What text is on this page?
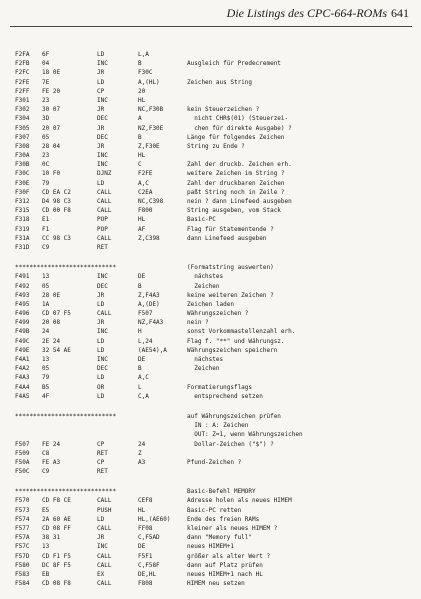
Die Listings des CPC-664-ROMs 641
F2FA 6F	LD	L,A
F2FB 04	INC	B	Ausgleich für Predecrement
F2FC 18 0E	JR	F30C
F2FE 7E	LD	A,(HL)	Zeichen aus String
F2FF FE 20	CP	20
F301 23	INC	HL
F302 30 07	JR	NC,F30B	kein Steuerzeichen ?
F304 3D	DEC	A	nicht CHR$(01) (Steuerzei-
F305 20 07	JR	NZ,F30E	chen für direkte Ausgabe) ?
F307 05	DEC	B	Länge für folgendes Zeichen
F308 28 04	JR	Z,F30E	String zu Ende ?
F30A 23	INC	HL
F30B 0C	INC	C	Zahl der druckb. Zeichen erh.
F30C 10 F0	DJNZ	F2FE	weitere Zeichen im String ?
F30E 79	LD	A,C	Zahl der druckbaren Zeichen
F30F CD EA C2	CALL	C2EA	paßt String noch in Zeile ?
F312 D4 98 C3	CALL	NC,C398	nein ? dann Linefeed ausgeben
F315 CD 00 F8	CALL	F800	String ausgeben, vom Stack
F318 E1	POP	HL	Basic-PC
F319 F1	POP	AF	Flag für Statementende ?
F31A CC 98 C3	CALL	Z,C398	dann Linefeed ausgeben
F31D C9	RET
****************************	(Formatstring auswerten)
F491 13	INC	DE	nächstes
F492 05	DEC	B	Zeichen
F493 28 0E	JR	Z,F4A3	keine weiteren Zeichen ?
F495 1A	LD	A,(DE)	Zeichen laden
F496 CD 07 F5	CALL	F507	Währungszeichen ?
F499 20 08	JR	NZ,F4A3	nein ?
F49B 24	INC	H	sonst Vorkommastellenzahl erh.
F49C 2E 24	LD	L,24	Flag f. "**" und Währungsz.
F49E 32 54 AE	LD	(AE54),A	Währungszeichen speichern
F4A1 13	INC	DE	nächstes
F4A2 05	DEC	B	Zeichen
F4A3 79	LD	A,C
F4A4 B5	OR	L	Formatierungsflags
F4A5 4F	LD	C,A	entsprechend setzen
****************************	auf Währungszeichen prüfen
IN : A: Zeichen
OUT: Z=1, wenn Währungszeichen
F507 FE 24	CP	24	Dollar-Zeichen ("$") ?
F509 C8	RET	Z
F50A FE A3	CP	A3	Pfund-Zeichen ?
F50C C9	RET
****************************	Basic-Befehl MEMORY
F570 CD F8 CE	CALL	CEF8	Adresse holen als neues HIMEM
F573 E5	PUSH	HL	Basic-PC retten
F574 2A 60 AE	LD	HL,(AE60)	Ende des freien RAMs
F577 CD 08 FF	CALL	FF08	kleiner als neues HIMEM ?
F57A 38 31	JR	C,F5AD	dann "Memory full"
F57C 13	INC	DE	neues HIMEM+1
F57D CD F1 F5	CALL	F5F1	größer als alter Wert ?
F580 DC 8F F5	CALL	C,F58F	dann auf Platz prüfen
F583 EB	EX	DE,HL	neues HIMEM+1 nach HL
F584 CD 08 F8	CALL	F808	HIMEM neu setzen
